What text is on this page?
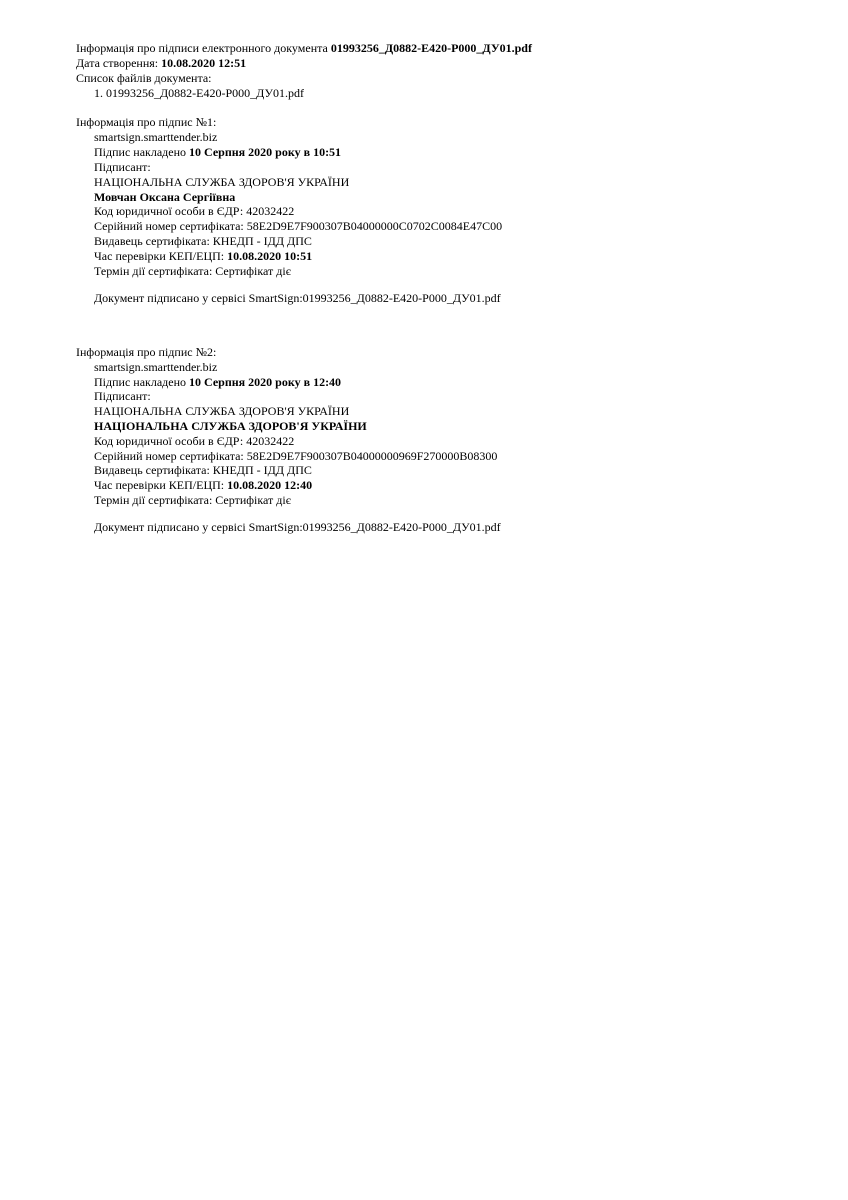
Інформація про підписи електронного документа 01993256_Д0882-Е420-Р000_ДУ01.pdf
Дата створення: 10.08.2020 12:51
Список файлів документа:
1. 01993256_Д0882-Е420-Р000_ДУ01.pdf
Інформація про підпис №1:
smartsign.smarttender.biz
Підпис накладено 10 Серпня 2020 року в 10:51
Підписант:
НАЦІОНАЛЬНА СЛУЖБА ЗДОРОВ'Я УКРАЇНИ
Мовчан Оксана Сергіївна
Код юридичної особи в ЄДР: 42032422
Серійний номер сертифіката: 58E2D9E7F900307B04000000C0702C0084E47C00
Видавець сертифіката: КНЕДП - ІДД ДПС
Час перевірки КЕП/ЕЦП: 10.08.2020 10:51
Термін дії сертифіката: Сертифікат діє
Документ підписано у сервісі SmartSign:01993256_Д0882-Е420-Р000_ДУ01.pdf
Інформація про підпис №2:
smartsign.smarttender.biz
Підпис накладено 10 Серпня 2020 року в 12:40
Підписант:
НАЦІОНАЛЬНА СЛУЖБА ЗДОРОВ'Я УКРАЇНИ
НАЦІОНАЛЬНА СЛУЖБА ЗДОРОВ'Я УКРАЇНИ
Код юридичної особи в ЄДР: 42032422
Серійний номер сертифіката: 58E2D9E7F900307B04000000969F270000B08300
Видавець сертифіката: КНЕДП - ІДД ДПС
Час перевірки КЕП/ЕЦП: 10.08.2020 12:40
Термін дії сертифіката: Сертифікат діє
Документ підписано у сервісі SmartSign:01993256_Д0882-Е420-Р000_ДУ01.pdf
